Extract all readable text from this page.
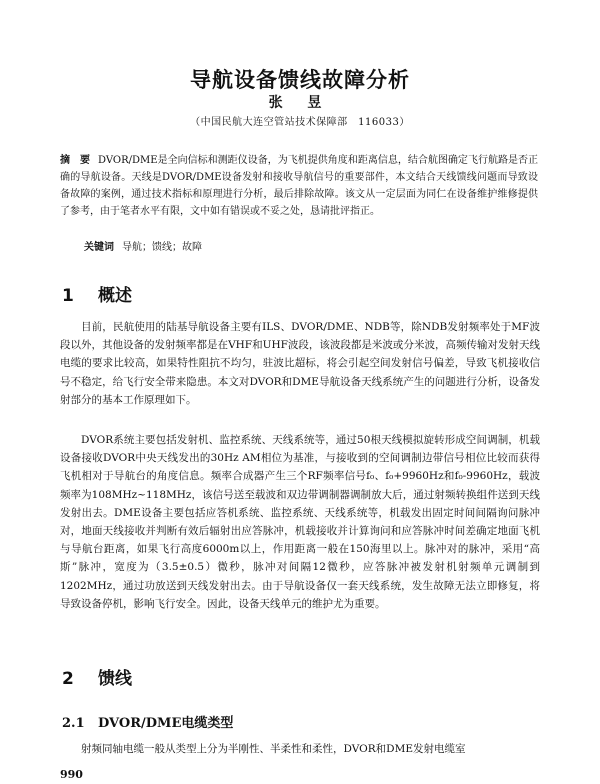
导航设备馈线故障分析
张 昱
（中国民航大连空管站技术保障部　116033）
摘　要 DVOR/DME是全向信标和测距仪设备，为飞机提供角度和距离信息，结合航图确定飞行航路是否正确的导航设备。天线是DVOR/DME设备发射和接收导航信号的重要部件，本文结合天线馈线问题而导致设备故障的案例，通过技术指标和原理进行分析，最后排除故障。该文从一定层面为同仁在设备维护维修提供了参考，由于笔者水平有限，文中如有错误或不妥之处，恳请批评指正。
关键词 导航；馈线；故障
1 概述
目前，民航使用的陆基导航设备主要有ILS、DVOR/DME、NDB等，除NDB发射频率处于MF波段以外，其他设备的发射频率都是在VHF和UHF波段，该波段都是米波或分米波，高频传输对发射天线电缆的要求比较高，如果特性阻抗不均匀，驻波比超标，将会引起空间发射信号偏差，导致飞机接收信号不稳定，给飞行安全带来隐患。本文对DVOR和DME导航设备天线系统产生的问题进行分析，设备发射部分的基本工作原理如下。
DVOR系统主要包括发射机、监控系统、天线系统等，通过50根天线模拟旋转形成空间调制，机载设备接收DVOR中央天线发出的30Hz AM相位为基准，与接收到的空间调制边带信号相位比较而获得飞机相对于导航台的角度信息。频率合成器产生三个RF频率信号f₀、f₀+9960Hz和f₀-9960Hz，载波频率为108MHz~118MHz，该信号送至载波和双边带调制器调制放大后，通过射频转换组件送到天线发射出去。DME设备主要包括应答机系统、监控系统、天线系统等，机载发出固定时间间隔询问脉冲对，地面天线接收并判断有效后辐射出应答脉冲，机载接收并计算询问和应答脉冲时间差确定地面飞机与导航台距离，如果飞行高度6000m以上，作用距离一般在150海里以上。脉冲对的脉冲，采用“高斯”脉冲，宽度为（3.5±0.5）微秒，脉冲对间隔12微秒，应答脉冲被发射机射频单元调制到1202MHz，通过功放送到天线发射出去。由于导航设备仅一套天线系统，发生故障无法立即修复，将导致设备停机，影响飞行安全。因此，设备天线单元的维护尤为重要。
2 馈线
2.1 DVOR/DME电缆类型
射频同轴电缆一般从类型上分为半刚性、半柔性和柔性，DVOR和DME发射电缆室
990
